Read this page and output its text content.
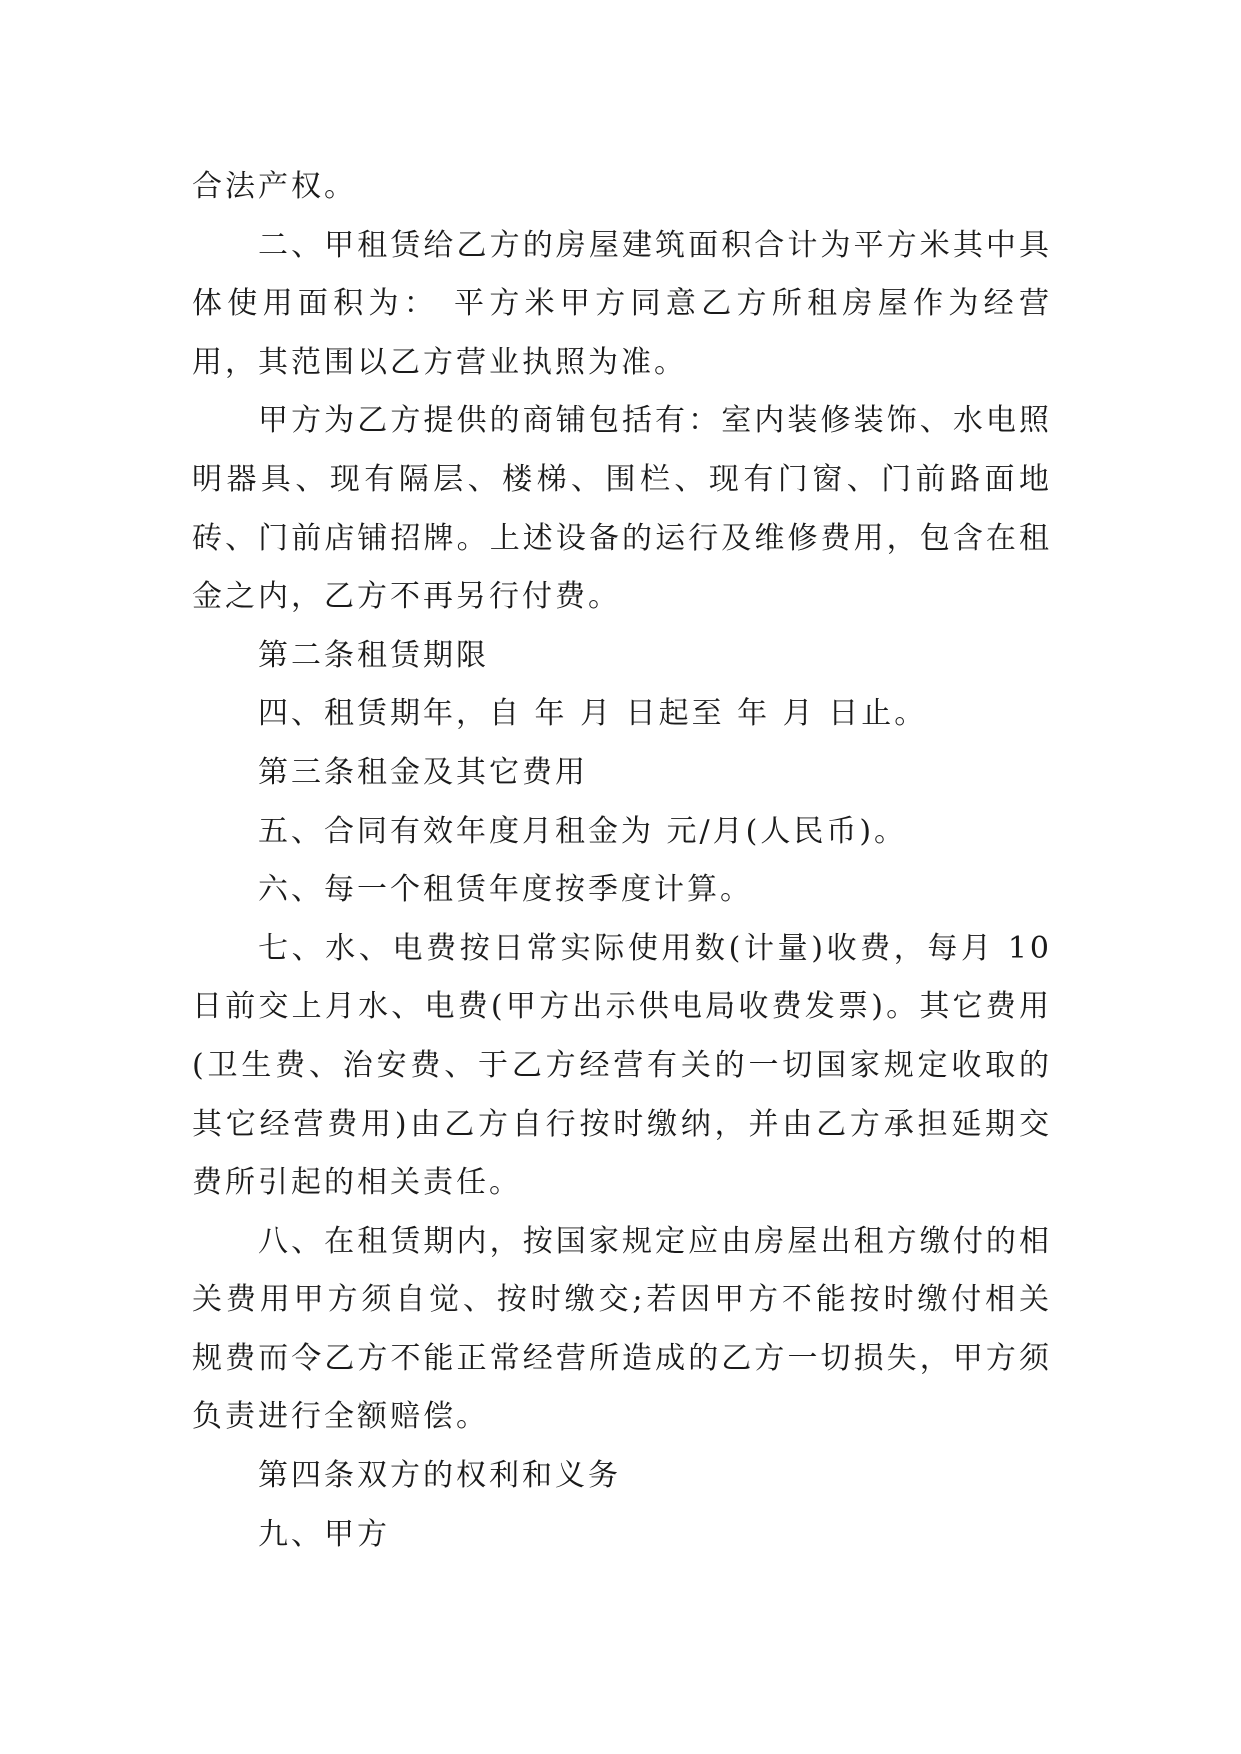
合法产权。

二、甲租赁给乙方的房屋建筑面积合计为平方米其中具体使用面积为： 平方米甲方同意乙方所租房屋作为经营用，其范围以乙方营业执照为准。

甲方为乙方提供的商铺包括有：室内装修装饰、水电照明器具、现有隔层、楼梯、围栏、现有门窗、门前路面地砖、门前店铺招牌。上述设备的运行及维修费用，包含在租金之内，乙方不再另行付费。

第二条租赁期限

四、租赁期年，自 年 月 日起至 年 月 日止。

第三条租金及其它费用

五、合同有效年度月租金为 元/月(人民币)。

六、每一个租赁年度按季度计算。

七、水、电费按日常实际使用数(计量)收费，每月 10 日前交上月水、电费(甲方出示供电局收费发票)。其它费用(卫生费、治安费、于乙方经营有关的一切国家规定收取的其它经营费用)由乙方自行按时缴纳，并由乙方承担延期交费所引起的相关责任。

八、在租赁期内，按国家规定应由房屋出租方缴付的相关费用甲方须自觉、按时缴交;若因甲方不能按时缴付相关规费而令乙方不能正常经营所造成的乙方一切损失，甲方须负责进行全额赔偿。

第四条双方的权利和义务

九、甲方
